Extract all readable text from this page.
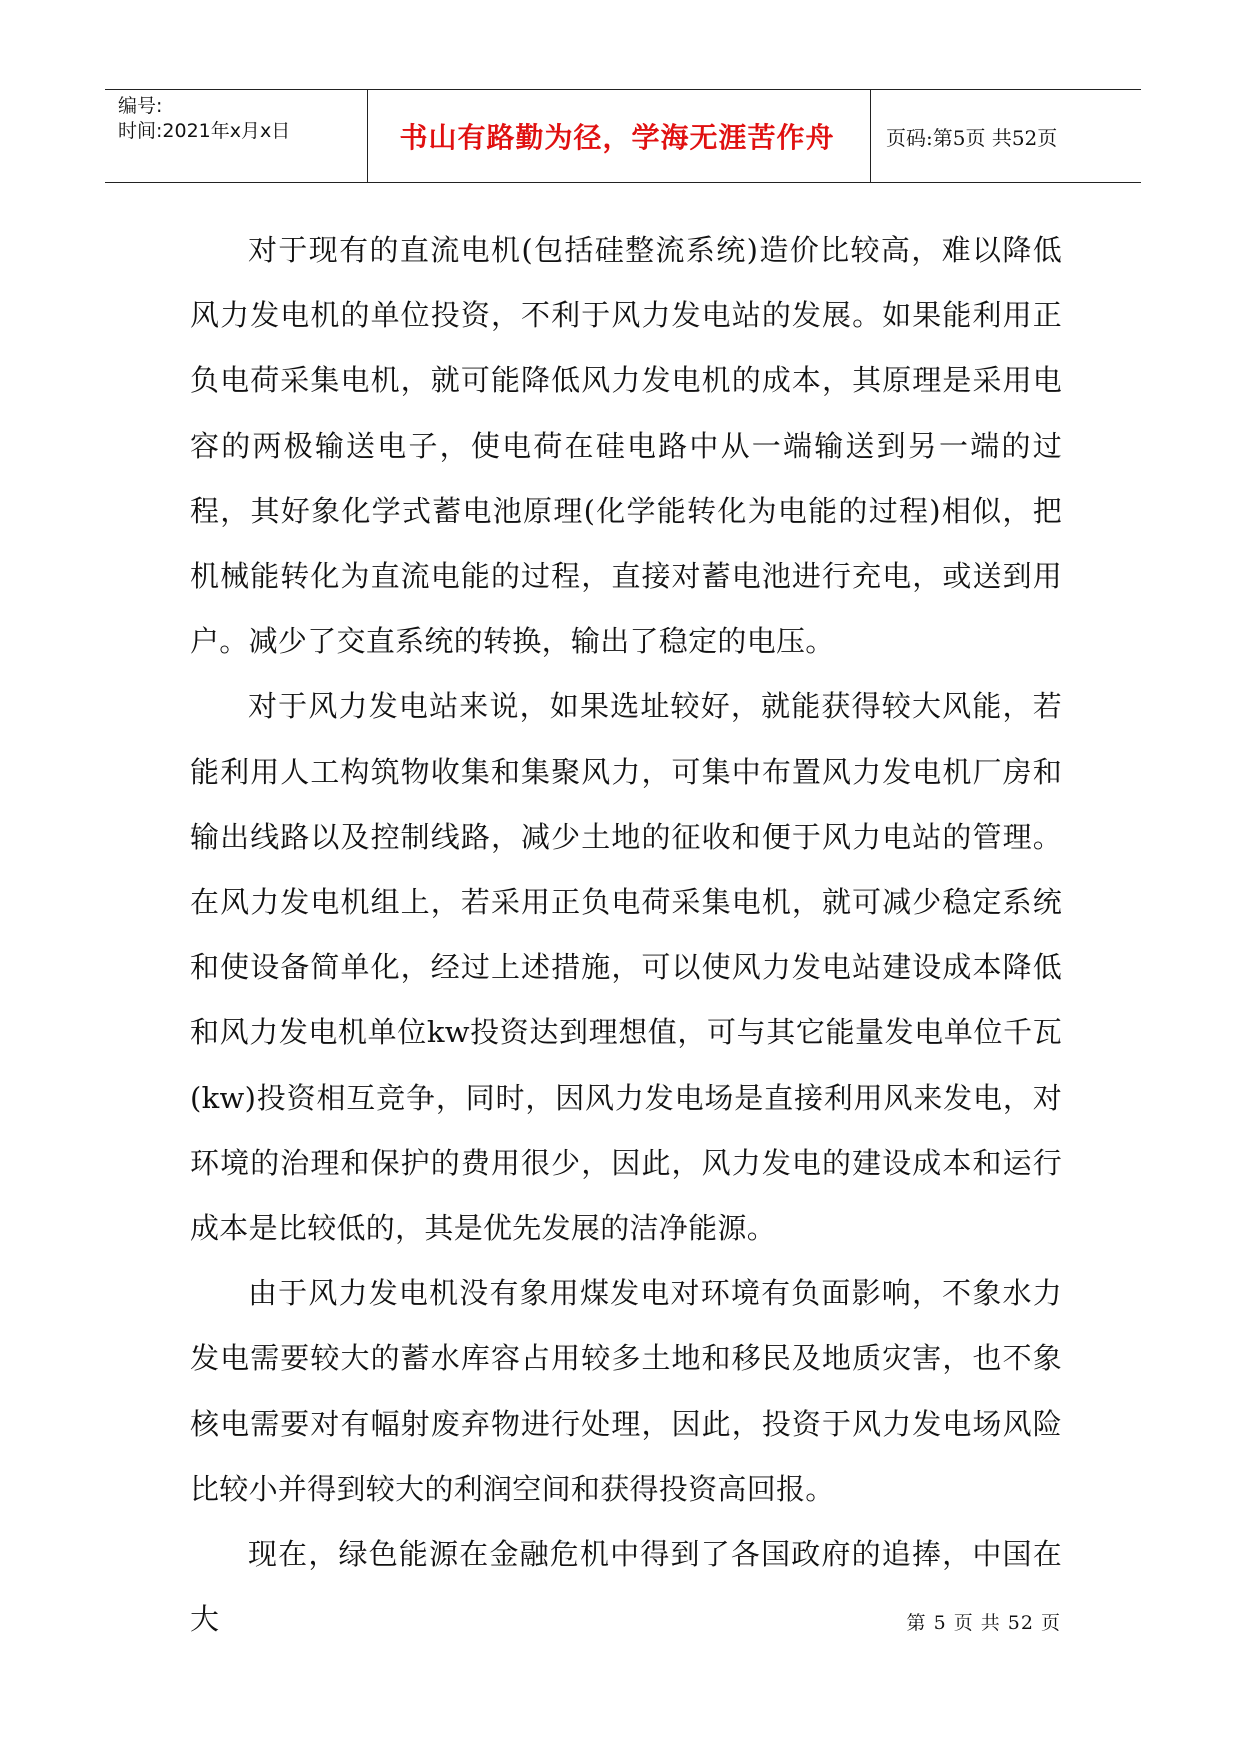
编号:
时间:2021年x月x日	书山有路勤为径，学海无涯苦作舟	页码:第5页 共52页

对于现有的直流电机(包括硅整流系统)造价比较高，难以降低风力发电机的单位投资，不利于风力发电站的发展。如果能利用正负电荷采集电机，就可能降低风力发电机的成本，其原理是采用电容的两极输送电子，使电荷在硅电路中从一端输送到另一端的过程，其好象化学式蓄电池原理(化学能转化为电能的过程)相似，把机械能转化为直流电能的过程，直接对蓄电池进行充电，或送到用户。减少了交直系统的转换，输出了稳定的电压。

对于风力发电站来说，如果选址较好，就能获得较大风能，若能利用人工构筑物收集和集聚风力，可集中布置风力发电机厂房和输出线路以及控制线路，减少土地的征收和便于风力电站的管理。在风力发电机组上，若采用正负电荷采集电机，就可减少稳定系统和使设备简单化，经过上述措施，可以使风力发电站建设成本降低和风力发电机单位kw投资达到理想值，可与其它能量发电单位千瓦(kw)投资相互竞争，同时，因风力发电场是直接利用风来发电，对环境的治理和保护的费用很少，因此，风力发电的建设成本和运行成本是比较低的，其是优先发展的洁净能源。

由于风力发电机没有象用煤发电对环境有负面影响，不象水力发电需要较大的蓄水库容占用较多土地和移民及地质灾害，也不象核电需要对有幅射废弃物进行处理，因此，投资于风力发电场风险比较小并得到较大的利润空间和获得投资高回报。

现在，绿色能源在金融危机中得到了各国政府的追捧，中国在大	第 5 页 共 52 页
